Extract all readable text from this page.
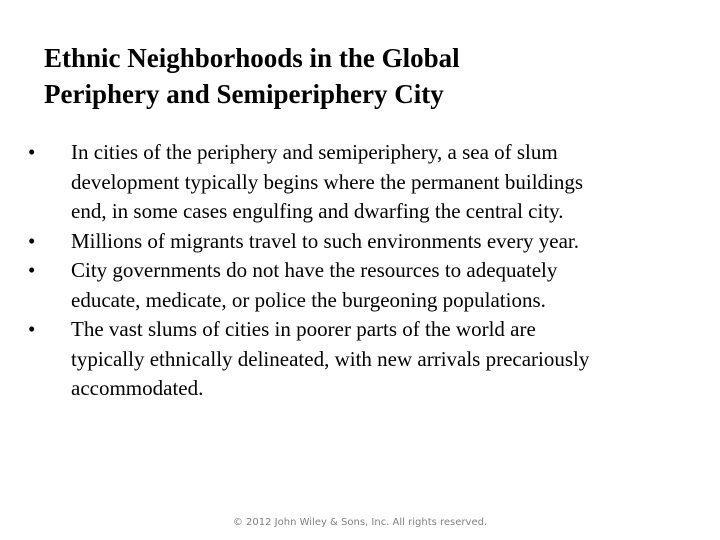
Ethnic Neighborhoods in the Global
Periphery and Semiperiphery City
•	In cities of the periphery and semiperiphery, a sea of slum
development typically begins where the permanent buildings
end, in some cases engulfing and dwarfing the central city.
•	Millions of migrants travel to such environments every year.
•	City governments do not have the resources to adequately
educate, medicate, or police the burgeoning populations.
•	The vast slums of cities in poorer parts of the world are
typically ethnically delineated, with new arrivals precariously
accommodated.
© 2012 John Wiley & Sons, Inc. All rights reserved.
